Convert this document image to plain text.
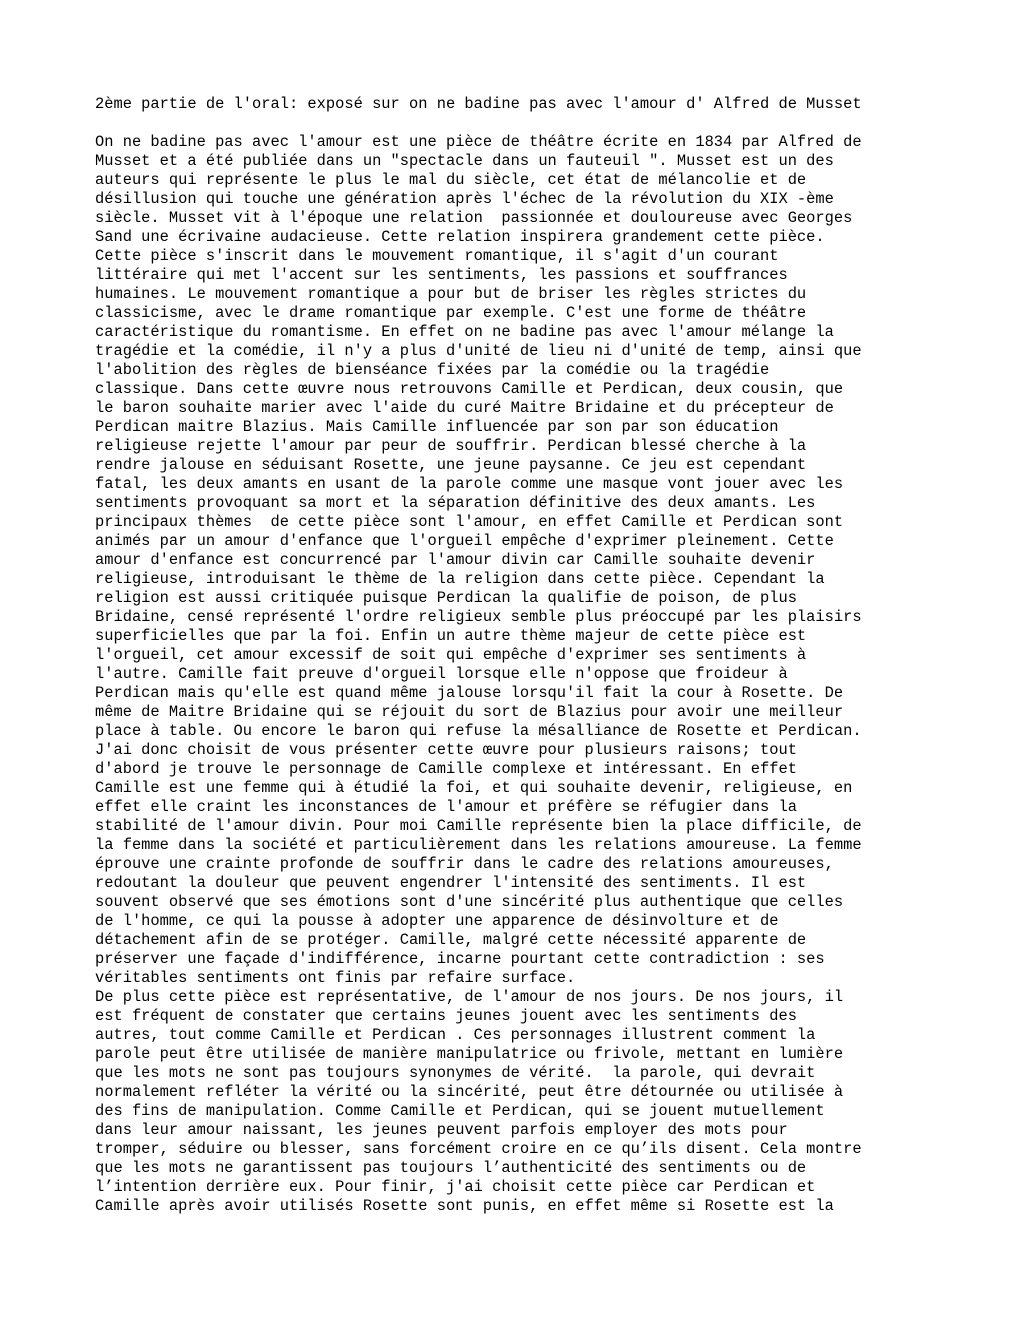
2ème partie de l'oral: exposé sur on ne badine pas avec l'amour d' Alfred de Musset

On ne badine pas avec l'amour est une pièce de théâtre écrite en 1834 par Alfred de
Musset et a été publiée dans un "spectacle dans un fauteuil ". Musset est un des
auteurs qui représente le plus le mal du siècle, cet état de mélancolie et de
désillusion qui touche une génération après l'échec de la révolution du XIX -ème
siècle. Musset vit à l'époque une relation  passionnée et douloureuse avec Georges
Sand une écrivaine audacieuse. Cette relation inspirera grandement cette pièce.
Cette pièce s'inscrit dans le mouvement romantique, il s'agit d'un courant
littéraire qui met l'accent sur les sentiments, les passions et souffrances
humaines. Le mouvement romantique a pour but de briser les règles strictes du
classicisme, avec le drame romantique par exemple. C'est une forme de théâtre
caractéristique du romantisme. En effet on ne badine pas avec l'amour mélange la
tragédie et la comédie, il n'y a plus d'unité de lieu ni d'unité de temp, ainsi que
l'abolition des règles de bienséance fixées par la comédie ou la tragédie
classique. Dans cette œuvre nous retrouvons Camille et Perdican, deux cousin, que
le baron souhaite marier avec l'aide du curé Maitre Bridaine et du précepteur de
Perdican maitre Blazius. Mais Camille influencée par son par son éducation
religieuse rejette l'amour par peur de souffrir. Perdican blessé cherche à la
rendre jalouse en séduisant Rosette, une jeune paysanne. Ce jeu est cependant
fatal, les deux amants en usant de la parole comme une masque vont jouer avec les
sentiments provoquant sa mort et la séparation définitive des deux amants. Les
principaux thèmes  de cette pièce sont l'amour, en effet Camille et Perdican sont
animés par un amour d'enfance que l'orgueil empêche d'exprimer pleinement. Cette
amour d'enfance est concurrencé par l'amour divin car Camille souhaite devenir
religieuse, introduisant le thème de la religion dans cette pièce. Cependant la
religion est aussi critiquée puisque Perdican la qualifie de poison, de plus
Bridaine, censé représenté l'ordre religieux semble plus préoccupé par les plaisirs
superficielles que par la foi. Enfin un autre thème majeur de cette pièce est
l'orgueil, cet amour excessif de soit qui empêche d'exprimer ses sentiments à
l'autre. Camille fait preuve d'orgueil lorsque elle n'oppose que froideur à
Perdican mais qu'elle est quand même jalouse lorsqu'il fait la cour à Rosette. De
même de Maitre Bridaine qui se réjouit du sort de Blazius pour avoir une meilleur
place à table. Ou encore le baron qui refuse la mésalliance de Rosette et Perdican.
J'ai donc choisit de vous présenter cette œuvre pour plusieurs raisons; tout
d'abord je trouve le personnage de Camille complexe et intéressant. En effet
Camille est une femme qui à étudié la foi, et qui souhaite devenir, religieuse, en
effet elle craint les inconstances de l'amour et préfère se réfugier dans la
stabilité de l'amour divin. Pour moi Camille représente bien la place difficile, de
la femme dans la société et particulièrement dans les relations amoureuse. La femme
éprouve une crainte profonde de souffrir dans le cadre des relations amoureuses,
redoutant la douleur que peuvent engendrer l'intensité des sentiments. Il est
souvent observé que ses émotions sont d'une sincérité plus authentique que celles
de l'homme, ce qui la pousse à adopter une apparence de désinvolture et de
détachement afin de se protéger. Camille, malgré cette nécessité apparente de
préserver une façade d'indifférence, incarne pourtant cette contradiction : ses
véritables sentiments ont finis par refaire surface.
De plus cette pièce est représentative, de l'amour de nos jours. De nos jours, il
est fréquent de constater que certains jeunes jouent avec les sentiments des
autres, tout comme Camille et Perdican . Ces personnages illustrent comment la
parole peut être utilisée de manière manipulatrice ou frivole, mettant en lumière
que les mots ne sont pas toujours synonymes de vérité.  la parole, qui devrait
normalement refléter la vérité ou la sincérité, peut être détournée ou utilisée à
des fins de manipulation. Comme Camille et Perdican, qui se jouent mutuellement
dans leur amour naissant, les jeunes peuvent parfois employer des mots pour
tromper, séduire ou blesser, sans forcément croire en ce qu’ils disent. Cela montre
que les mots ne garantissent pas toujours l’authenticité des sentiments ou de
l’intention derrière eux. Pour finir, j'ai choisit cette pièce car Perdican et
Camille après avoir utilisés Rosette sont punis, en effet même si Rosette est la
